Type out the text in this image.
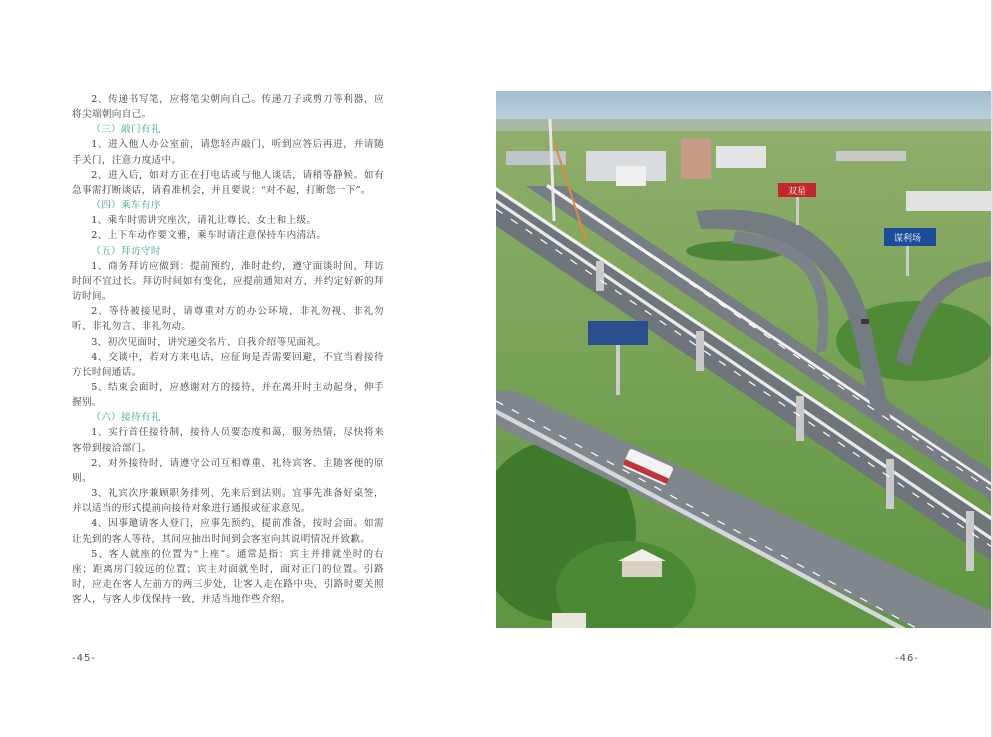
2、传递书写笔，应将笔尖朝向自己。传递刀子或剪刀等利器，应将尖端朝向自己。

（三）敲门有礼

1、进入他人办公室前，请您轻声敲门，听到应答后再进，并请随手关门，注意力度适中。

2、进入后，如对方正在打电话或与他人谈话，请稍等静候。如有急事需打断谈话，请看准机会，并且要说：“对不起，打断您一下”。

（四）乘车有序

1、乘车时需讲究座次，请礼让尊长、女士和上级。

2、上下车动作要文雅，乘车时请注意保持车内清洁。

（五）拜访守时

1、商务拜访应做到：提前预约，准时赴约，遵守面谈时间，拜访时间不宜过长。拜访时间如有变化，应提前通知对方，并约定好新的拜访时间。

2、等待被接见时，请尊重对方的办公环境，非礼勿视、非礼勿听、非礼勿言、非礼勿动。

3、初次见面时，讲究递交名片、自我介绍等见面礼。

4、交谈中，若对方来电话，应征询是否需要回避，不宜当着接待方长时间通话。

5、结束会面时，应感谢对方的接待，并在离开时主动起身，伸手握别。

（六）接待有礼

1、实行首任接待制，接待人员要态度和蔼，服务热情，尽快将来客带到接洽部门。

2、对外接待时，请遵守公司互相尊重、礼待宾客、主随客便的原则。

3、礼宾次序兼顾职务排列、先来后到法则。宜事先准备好桌签，并以适当的形式提前向接待对象进行通报或征求意见。

4、因事邀请客人登门，应事先预约，提前准备，按时会面。如需让先到的客人等待，其间应抽出时间到会客室向其说明情况并致歉。

5、客人就座的位置为“上座”。通常是指：宾主并排就坐时的右座；距离房门较远的位置；宾主对面就坐时，面对正门的位置。引路时，应走在客人左前方的两三步处，让客人走在路中央，引路时要关照客人，与客人步伐保持一致，并适当地作些介绍。

-45-
双星
谋利场
-46-
